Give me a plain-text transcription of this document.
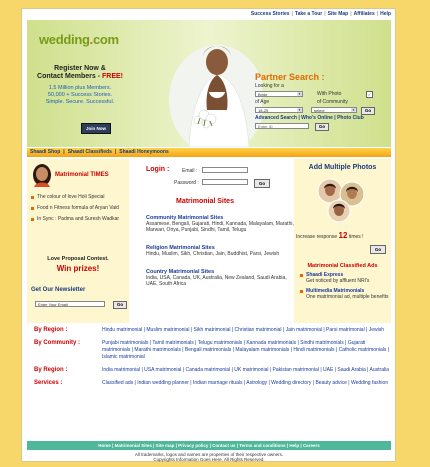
Success Stories | Take a Tour | Site Map | Affiliates | Help
wedding.com
Register Now &
Contact Members - FREE!
1.5 Million plus Members.
50,000 + Success Stories.
Simple. Secure. Successful.
Join Now
Partner Search :
Looking for a
Bride	▼	With Photo	✓
of Age	of Community
18-25	▼	select	▼	Go
Advanced Search | Who's Online | Photo Club
Enter ID	Go
Shaadi Shop | Shaadi Classifieds | Shaadi Honeymoons
Matrimonial TIMES
The colour of love Holi Special
Food n Fitness formula of Aryan Vaid
In Sync : Padma and Suresh Wadkar
Love Proposal Contest.
Win prizes!
Get Our Newsletter
Enter Your Email	Go
Login :	Email :
Password :	Go
Matrimonial Sites
Community Matrimonial Sites
Assamese, Bengali, Gujarati, Hindi, Kannada, Malayalam, Marathi, Marwari, Oriya, Punjabi, Sindhi, Tamil, Telugu
Religion Matrimonial Sites
Hindu, Muslim, Sikh, Christian, Jain, Buddhist, Parsi, Jewish
Country Matrimonial Sites
India, USA, Canada, UK, Australia, New Zealand, Saudi Arabia, UAE, South Africa
Add Multiple Photos
Increase response 12 times !
Go
Matrimonial Classified Ads
Shaadi Express
Get noticed by affluent NRI's
Multimedia Matrimonials
One matrimonial ad, multiple benefits
By Region :	Hindu matrimonial | Muslim matrimonial | Sikh matrimonial | Christian matrimonial | Jain matrimonial | Parsi matrimonial | Jewish
By Community :	Punjabi matrimonials | Tamil matrimonials | Telugu matrimonials | Kannada matrimonials | Sindhi matrimonials | Gujarati matrimonials | Marathi matrimonials | Bengali matrimonials | Malayalam matrimonials | Hindi matrimonials | Catholic matrimonials | Islamic matrimonial
By Region :	India matrimonial | USA matrimonial | Canada matrimonial | UK matrimonial | Pakistan matrimonial | UAE | Saudi Arabia | Australia
Services :	Classified ads | Indian wedding planner | Indian marriage rituals | Astrology | Wedding directory | Beauty advice | Wedding fashion
Home | Matrimonial Sites | Site map | Privacy policy | Contact us | Terms and conditions | Help | Careers
All trademarks, logos and names are properties of their respective owners.
Copyrights Information Goes Here. All Rights Reserved.
